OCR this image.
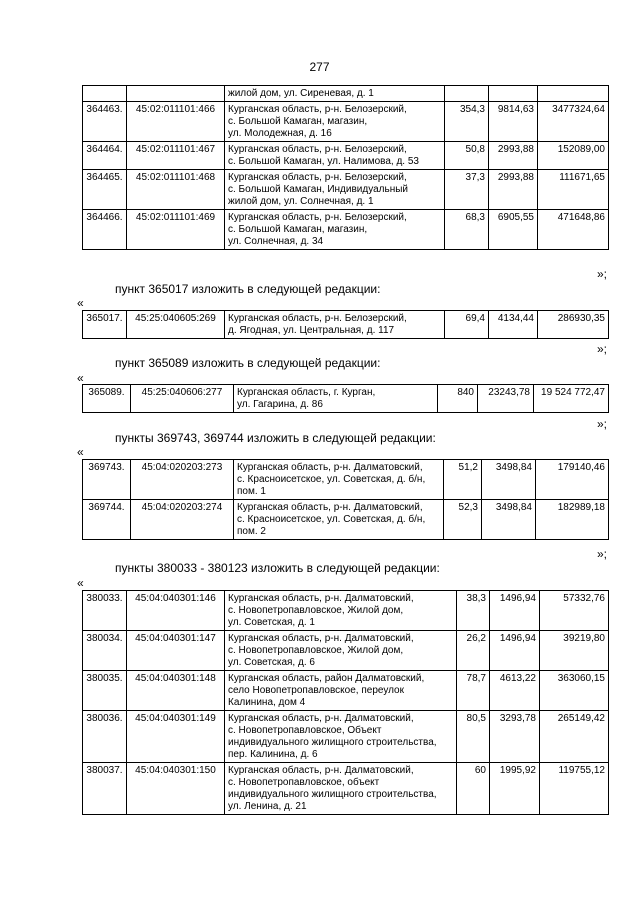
277
		жилой дом, ул. Сиреневая, д. 1			
364463.	45:02:011101:466	Курганская область, р-н. Белозерский,
с. Большой Камаган, магазин,
ул. Молодежная, д. 16	354,3	9814,63	3477324,64
364464.	45:02:011101:467	Курганская область, р-н. Белозерский,
с. Большой Камаган, ул. Налимова, д. 53	50,8	2993,88	152089,00
364465.	45:02:011101:468	Курганская область, р-н. Белозерский,
с. Большой Камаган, Индивидуальный
жилой дом, ул. Солнечная, д. 1	37,3	2993,88	111671,65
364466.	45:02:011101:469	Курганская область, р-н. Белозерский,
с. Большой Камаган, магазин,
ул. Солнечная, д. 34	68,3	6905,55	471648,86
»;
пункт 365017 изложить в следующей редакции:
«
365017.	45:25:040605:269	Курганская область, р-н. Белозерский,
д. Ягодная, ул. Центральная, д. 117	69,4	4134,44	286930,35
»;
пункт 365089 изложить в следующей редакции:
«
365089.	45:25:040606:277	Курганская область, г. Курган,
ул. Гагарина, д. 86	840	23243,78	19 524 772,47
»;
пункты 369743, 369744 изложить в следующей редакции:
«
369743.	45:04:020203:273	Курганская область, р-н. Далматовский,
с. Красноисетское, ул. Советская, д. б/н,
пом. 1	51,2	3498,84	179140,46
369744.	45:04:020203:274	Курганская область, р-н. Далматовский,
с. Красноисетское, ул. Советская, д. б/н,
пом. 2	52,3	3498,84	182989,18
»;
пункты 380033 - 380123 изложить в следующей редакции:
«
380033.	45:04:040301:146	Курганская область, р-н. Далматовский,
с. Новопетропавловское, Жилой дом,
ул. Советская, д. 1	38,3	1496,94	57332,76
380034.	45:04:040301:147	Курганская область, р-н. Далматовский,
с. Новопетропавловское, Жилой дом,
ул. Советская, д. 6	26,2	1496,94	39219,80
380035.	45:04:040301:148	Курганская область, район Далматовский,
село Новопетропавловское, переулок
Калинина, дом 4	78,7	4613,22	363060,15
380036.	45:04:040301:149	Курганская область, р-н. Далматовский,
с. Новопетропавловское, Объект
индивидуального жилищного строительства,
пер. Калинина, д. 6	80,5	3293,78	265149,42
380037.	45:04:040301:150	Курганская область, р-н. Далматовский,
с. Новопетропавловское, объект
индивидуального жилищного строительства,
ул. Ленина, д. 21	60	1995,92	119755,12
